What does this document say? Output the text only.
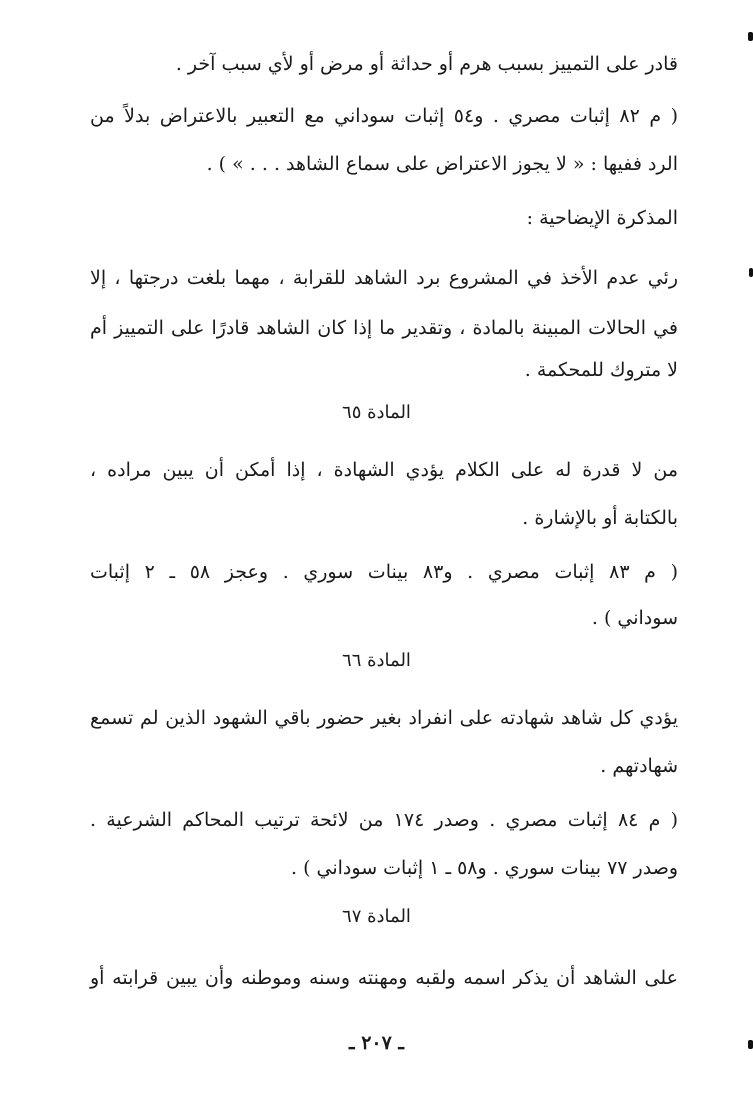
قادر على التمييز بسبب هرم أو حداثة أو مرض أو لأي سبب آخر .
( م ٨٢ إثبات مصري . و٥٤ إثبات سوداني مع التعبير بالاعتراض بدلاً من
الرد ففيها : « لا يجوز الاعتراض على سماع الشاهد . . . » ) .
المذكرة الإيضاحية :
رئي عدم الأخذ في المشروع برد الشاهد للقرابة ، مهما بلغت درجتها ، إلا
في الحالات المبينة بالمادة ، وتقدير ما إذا كان الشاهد قادرًا على التمييز أم
لا متروك للمحكمة .
المادة ٦٥
من لا قدرة له على الكلام يؤدي الشهادة ، إذا أمكن أن يبين مراده ،
بالكتابة أو بالإشارة .
( م ٨٣ إثبات مصري . و٨٣ بينات سوري . وعجز ٥٨ ـ ٢ إثبات
سوداني ) .
المادة ٦٦
يؤدي كل شاهد شهادته على انفراد بغير حضور باقي الشهود الذين لم تسمع
شهادتهم .
( م ٨٤ إثبات مصري . وصدر ١٧٤ من لائحة ترتيب المحاكم الشرعية .
وصدر ٧٧ بينات سوري . و٥٨ ـ ١ إثبات سوداني ) .
المادة ٦٧
على الشاهد أن يذكر اسمه ولقبه ومهنته وسنه وموطنه وأن يبين قرابته أو
ـ ٢٠٧ ـ
